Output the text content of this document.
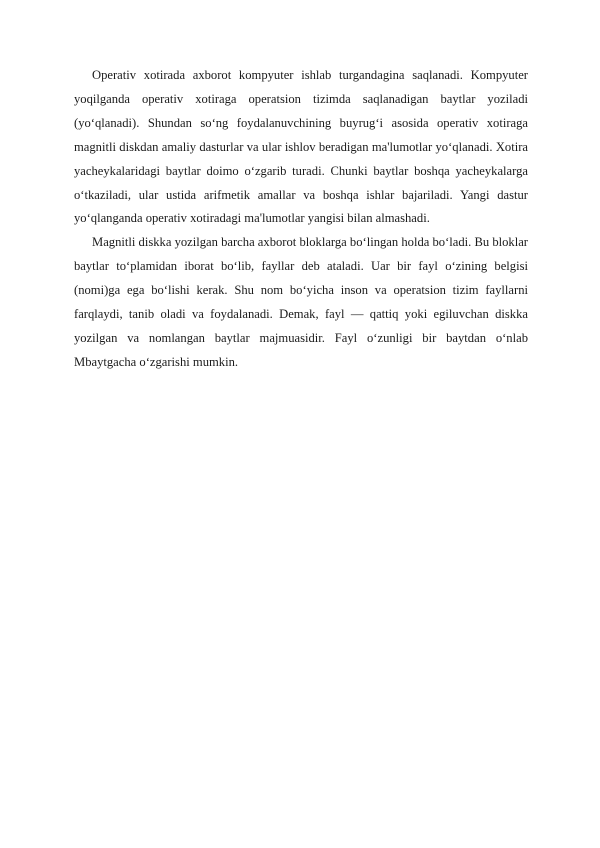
Operativ xotirada axborot kompyuter ishlab turgandagina saqlanadi. Kompyuter yoqilganda operativ xotiraga operatsion tizimda saqlanadigan baytlar yoziladi (yo‘qlanadi). Shundan so‘ng foydalanuvchining buyrug‘i asosida operativ xotiraga magnitli diskdan amaliy dasturlar va ular ishlov beradigan ma'lumotlar yo‘qlanadi. Xotira yacheykalaridagi baytlar doimo o‘zgarib turadi. Chunki baytlar boshqa yacheykalarga o‘tkaziladi, ular ustida arifmetik amallar va boshqa ishlar bajariladi. Yangi dastur yo‘qlanganda operativ xotiradagi ma'lumotlar yangisi bilan almashadi.

Magnitli diskka yozilgan barcha axborot bloklarga bo‘lingan holda bo‘ladi. Bu bloklar baytlar to‘plamidan iborat bo‘lib, fayllar deb ataladi. Uar bir fayl o‘zining belgisi (nomi)ga ega bo‘lishi kerak. Shu nom bo‘yicha inson va operatsion tizim fayllarni farqlaydi, tanib oladi va foydalanadi. Demak, fayl — qattiq yoki egiluvchan diskka yozilgan va nomlangan baytlar majmuasidir. Fayl o‘zunligi bir baytdan o‘nlab Mbaytgacha o‘zgarishi mumkin.
